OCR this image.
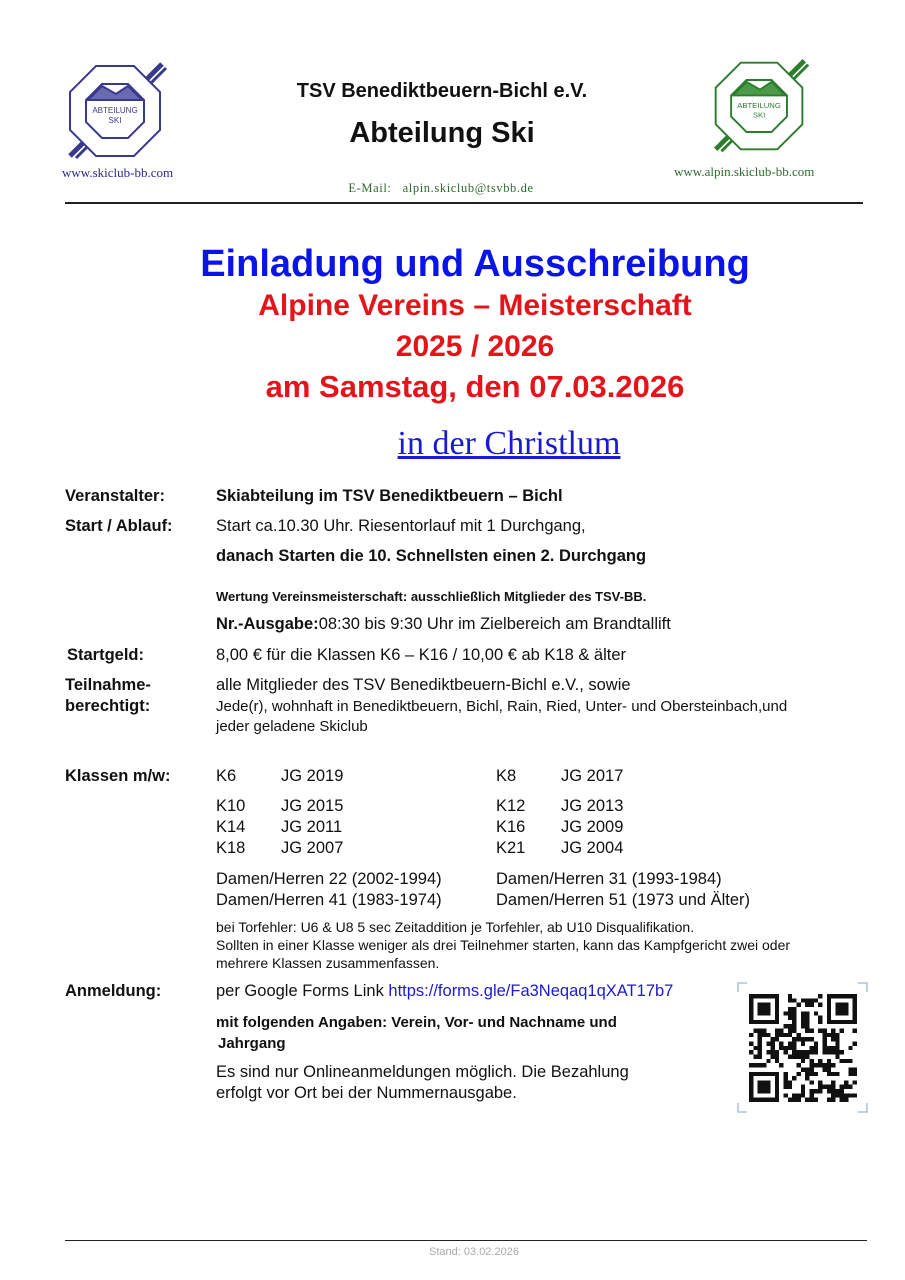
ABTEILUNG
SKI
www.skiclub-bb.com
TSV Benediktbeuern-Bichl e.V.
Abteilung Ski
E-Mail: alpin.skiclub@tsvbb.de
ABTEILUNG
SKI
www.alpin.skiclub-bb.com
Einladung und Ausschreibung
Alpine Vereins – Meisterschaft
2025 / 2026
am Samstag, den 07.03.2026
in der Christlum
Veranstalter:	Skiabteilung im TSV Benediktbeuern – Bichl
Start / Ablauf:	Start ca.10.30 Uhr. Riesentorlauf mit 1 Durchgang,
danach Starten die 10. Schnellsten einen 2. Durchgang
Wertung Vereinsmeisterschaft: ausschließlich Mitglieder des TSV-BB.
Nr.-Ausgabe:08:30 bis 9:30 Uhr im Zielbereich am Brandtallift
Startgeld:	8,00 € für die Klassen K6 – K16 / 10,00 € ab K18 & älter
Teilnahme-
berechtigt:
alle Mitglieder des TSV Benediktbeuern-Bichl e.V., sowie
Jede(r), wohnhaft in Benediktbeuern, Bichl, Rain, Ried, Unter- und Obersteinbach,und
jeder geladene Skiclub
Klassen m/w:	K6	JG 2019	K8	JG 2017
K10 JG 2015	K12 JG 2013
K14 JG 2011	K16 JG 2009
K18 JG 2007	K21 JG 2004
Damen/Herren 22 (2002-1994)	Damen/Herren 31 (1993-1984)
Damen/Herren 41 (1983-1974)	Damen/Herren 51 (1973 und Älter)
bei Torfehler: U6 & U8 5 sec Zeitaddition je Torfehler, ab U10 Disqualifikation.
Sollten in einer Klasse weniger als drei Teilnehmer starten, kann das Kampfgericht zwei oder
mehrere Klassen zusammenfassen.
Anmeldung:	per Google Forms Link https://forms.gle/Fa3Neqaq1qXAT17b7
mit folgenden Angaben: Verein, Vor- und Nachname und
Jahrgang
Es sind nur Onlineanmeldungen möglich. Die Bezahlung
erfolgt vor Ort bei der Nummernausgabe.
Stand: 03.02.2026
